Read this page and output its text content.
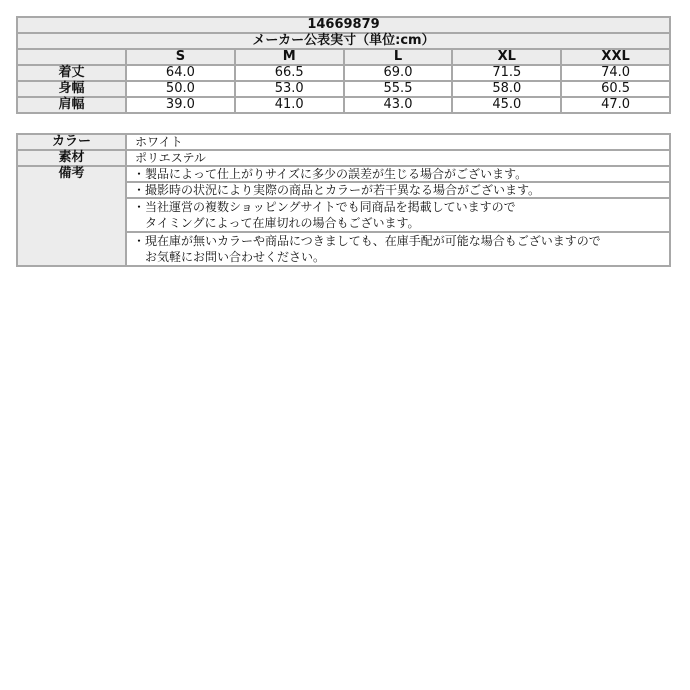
14669879					
メーカー公表実寸（単位:cm）					
	S	M	L	XL	XXL
着丈	64.0	66.5	69.0	71.5	74.0
身幅	50.0	53.0	55.5	58.0	60.5
肩幅	39.0	41.0	43.0	45.0	47.0
カラー	ホワイト
素材	ポリエステル
備考	・製品によって仕上がりサイズに多少の誤差が生じる場合がございます。
	・撮影時の状況により実際の商品とカラーが若干異なる場合がございます。
	・当社運営の複数ショッピングサイトでも同商品を掲載していますので
　タイミングによって在庫切れの場合もございます。
	・現在庫が無いカラーや商品につきましても、在庫手配が可能な場合もございますので
　お気軽にお問い合わせください。
